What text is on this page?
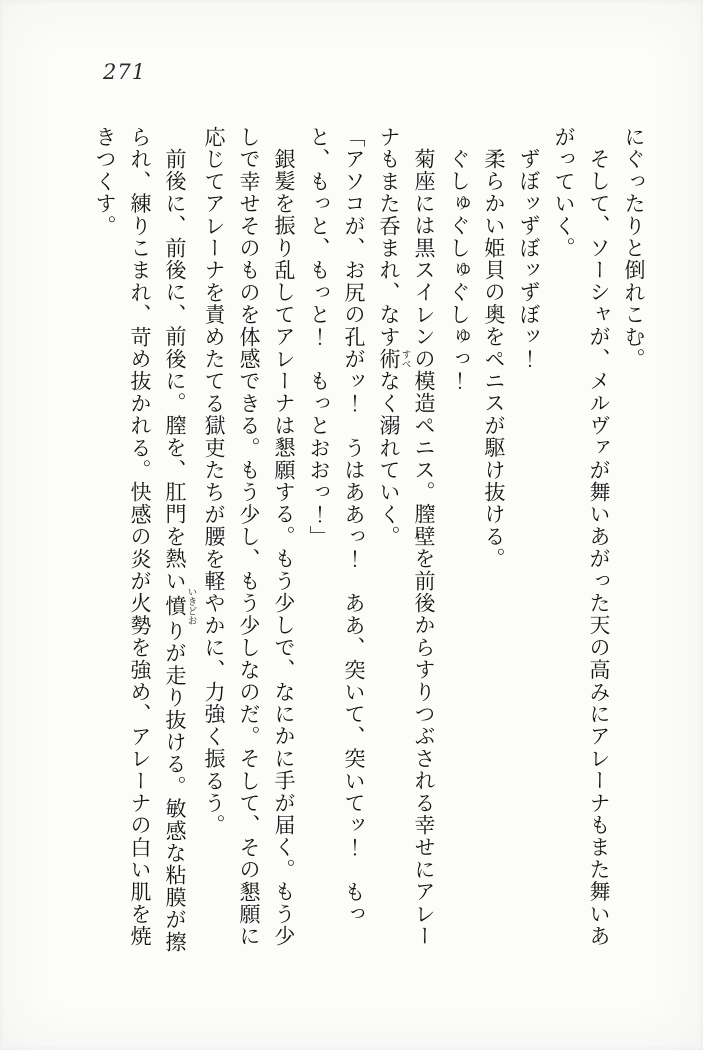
271

にぐったりと倒れこむ。

そして、ソーシャが、メルヴァが舞いあがった天の高みにアレーナもまた舞いあがっていく。

ずぼッずぼッずぼッ！

柔らかい姫貝の奥をペニスが駆け抜ける。

ぐしゅぐしゅぐしゅっ！

菊座には黒スイレンの模造ペニス。膣壁を前後からすりつぶされる幸せにアレーナもまた呑まれ、なす術すべなく溺れていく。

「アソコが、お尻の孔がッ！　うはああっ！　ああ、突いて、突いてッ！　もっと、もっと、もっと！　もっとおおっ！」

銀髪を振り乱してアレーナは懇願する。もう少しで、なにかに手が届く。もう少しで幸せそのものを体感できる。もう少し、もう少しなのだ。そして、その懇願に応じてアレーナを責めたてる獄吏たちが腰を軽やかに、力強く振るう。

前後に、前後に、前後に。膣を、肛門を熱い憤いきどおりが走り抜ける。敏感な粘膜が擦られ、練りこまれ、苛め抜かれる。快感の炎が火勢を強め、アレーナの白い肌を焼きつくす。
